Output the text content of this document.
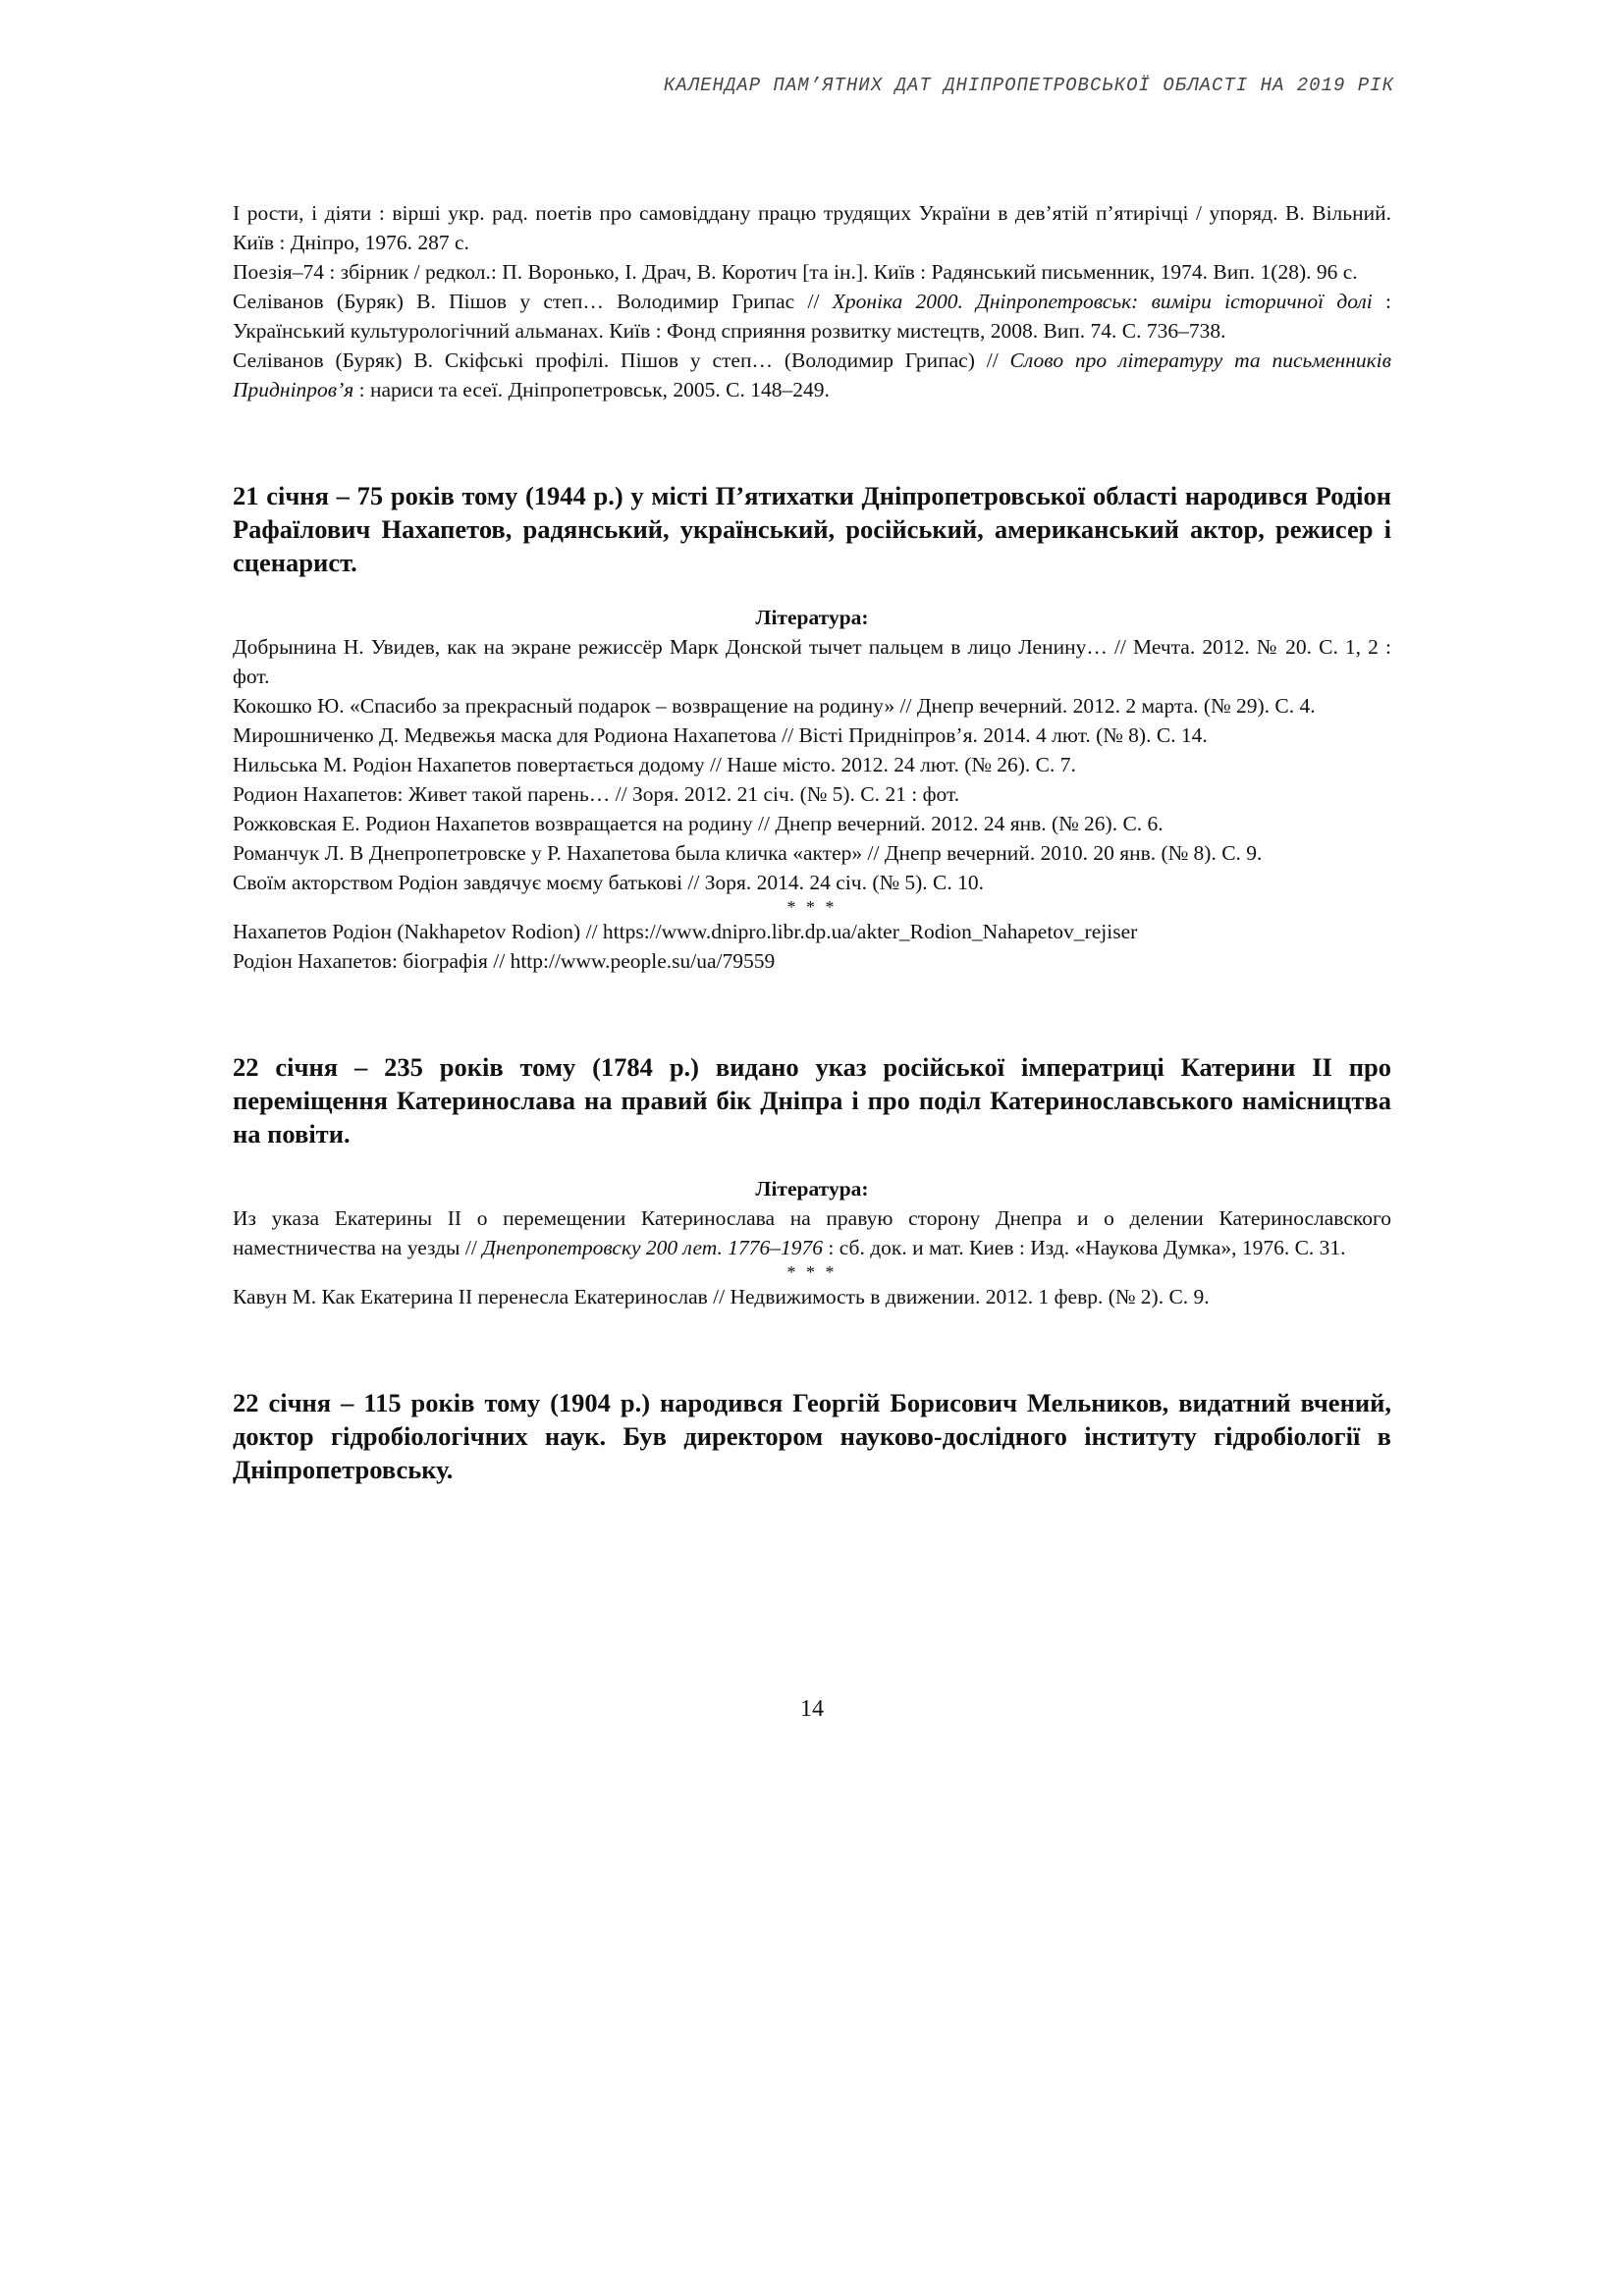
КАЛЕНДАР ПАМ’ЯТНИХ ДАТ ДНІПРОПЕТРОВСЬКОЇ ОБЛАСТІ НА 2019 РІК

І рости, і діяти : вірші укр. рад. поетів про самовіддану працю трудящих України в дев’ятій п’ятирічці / упоряд. В. Вільний. Київ : Дніпро, 1976. 287 с.

Поезія–74 : збірник / редкол.: П. Воронько, І. Драч, В. Коротич [та ін.]. Київ : Радянський письменник, 1974. Вип. 1(28). 96 с.

Селіванов (Буряк) В. Пішов у степ… Володимир Грипас // Хроніка 2000. Дніпропетровськ: виміри історичної долі : Український культурологічний альманах. Київ : Фонд сприяння розвитку мистецтв, 2008. Вип. 74. С. 736–738.

Селіванов (Буряк) В. Скіфські профілі. Пішов у степ… (Володимир Грипас) // Слово про літературу та письменників Придніпров’я : нариси та есеї. Дніпропетровськ, 2005. С. 148–249.

21 січня – 75 років тому (1944 р.) у місті П’ятихатки Дніпропетровської області народився Родіон Рафаїлович Нахапетов, радянський, український, російський, американський актор, режисер і сценарист.

Література:

Добрынина Н. Увидев, как на экране режиссёр Марк Донской тычет пальцем в лицо Ленину… // Мечта. 2012. № 20. С. 1, 2 : фот.

Кокошко Ю. «Спасибо за прекрасный подарок – возвращение на родину» // Днепр вечерний. 2012. 2 марта. (№ 29). С. 4.

Мирошниченко Д. Медвежья маска для Родиона Нахапетова // Вісті Придніпров’я. 2014. 4 лют. (№ 8). С. 14.

Нильська М. Родіон Нахапетов повертається додому // Наше місто. 2012. 24 лют. (№ 26). С. 7.

Родион Нахапетов: Живет такой парень… // Зоря. 2012. 21 січ. (№ 5). С. 21 : фот.

Рожковская Е. Родион Нахапетов возвращается на родину // Днепр вечерний. 2012. 24 янв. (№ 26). С. 6.

Романчук Л. В Днепропетровске у Р. Нахапетова была кличка «актер» // Днепр вечерний. 2010. 20 янв. (№ 8). С. 9.

Своїм акторством Родіон завдячує моєму батькові // Зоря. 2014. 24 січ. (№ 5). С. 10.

* * *

Нахапетов Родіон (Nakhapetov Rodion) // https://www.dnipro.libr.dp.ua/akter_Rodion_Nahapetov_rejiser

Родіон Нахапетов: біографія // http://www.people.su/ua/79559

22 січня – 235 років тому (1784 р.) видано указ російської імператриці Катерини ІІ про переміщення Катеринослава на правий бік Дніпра і про поділ Катеринославського намісництва на повіти.

Література:

Из указа Екатерины II о перемещении Катеринослава на правую сторону Днепра и о делении Катеринославского наместничества на уезды // Днепропетровску 200 лет. 1776–1976 : сб. док. и мат. Киев : Изд. «Наукова Думка», 1976. С. 31.

* * *

Кавун М. Как Екатерина II перенесла Екатеринослав // Недвижимость в движении. 2012. 1 февр. (№ 2). С. 9.

22 січня – 115 років тому (1904 р.) народився Георгій Борисович Мельников, видатний вчений, доктор гідробіологічних наук. Був директором науково-дослідного інституту гідробіології в Дніпропетровську.

14
